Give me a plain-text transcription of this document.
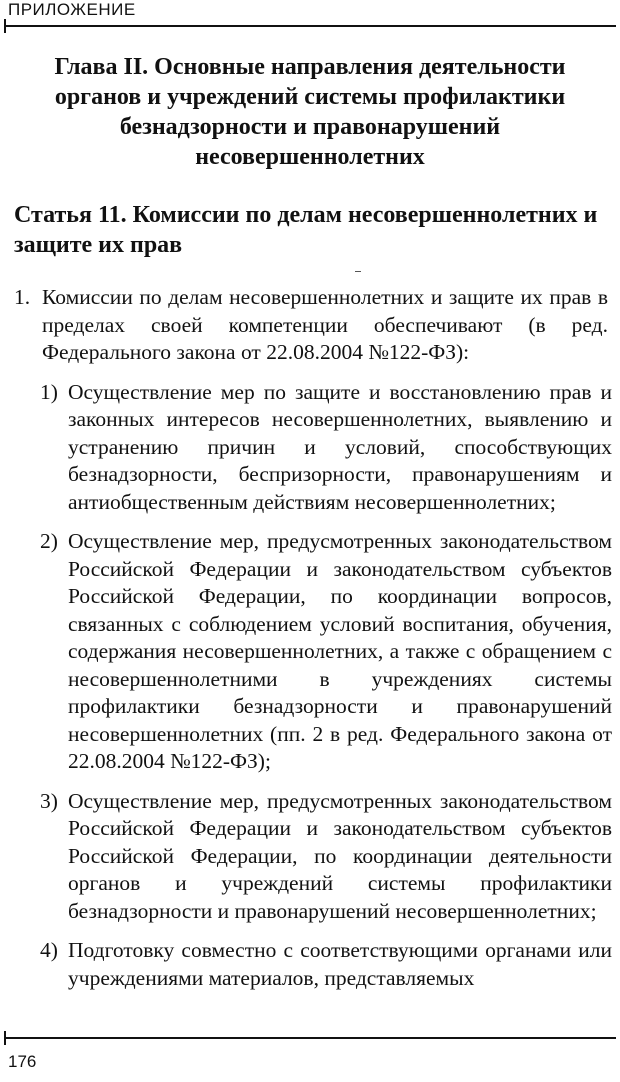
ПРИЛОЖЕНИЕ
Глава II. Основные направления деятельности органов и учреждений системы профилактики безнадзорности и правонарушений несовершеннолетних
Статья 11. Комиссии по делам несовершеннолетних и защите их прав

1. Комиссии по делам несовершеннолетних и защите их прав в пределах своей компетенции обеспечивают (в ред. Федерального закона от 22.08.2004 №122-ФЗ):

1) Осуществление мер по защите и восстановлению прав и законных интересов несовершеннолетних, выявлению и устранению причин и условий, способствующих безнадзорности, беспризорности, правонарушениям и антиобщественным действиям несовершеннолетних;

2) Осуществление мер, предусмотренных законодательством Российской Федерации и законодательством субъектов Российской Федерации, по координации вопросов, связанных с соблюдением условий воспитания, обучения, содержания несовершеннолетних, а также с обращением с несовершеннолетними в учреждениях системы профилактики безнадзорности и правонарушений несовершеннолетних (пп. 2 в ред. Федерального закона от 22.08.2004 №122-ФЗ);

3) Осуществление мер, предусмотренных законодательством Российской Федерации и законодательством субъектов Российской Федерации, по координации деятельности органов и учреждений системы профилактики безнадзорности и правонарушений несовершеннолетних;

4) Подготовку совместно с соответствующими органами или учреждениями материалов, представляемых

176
